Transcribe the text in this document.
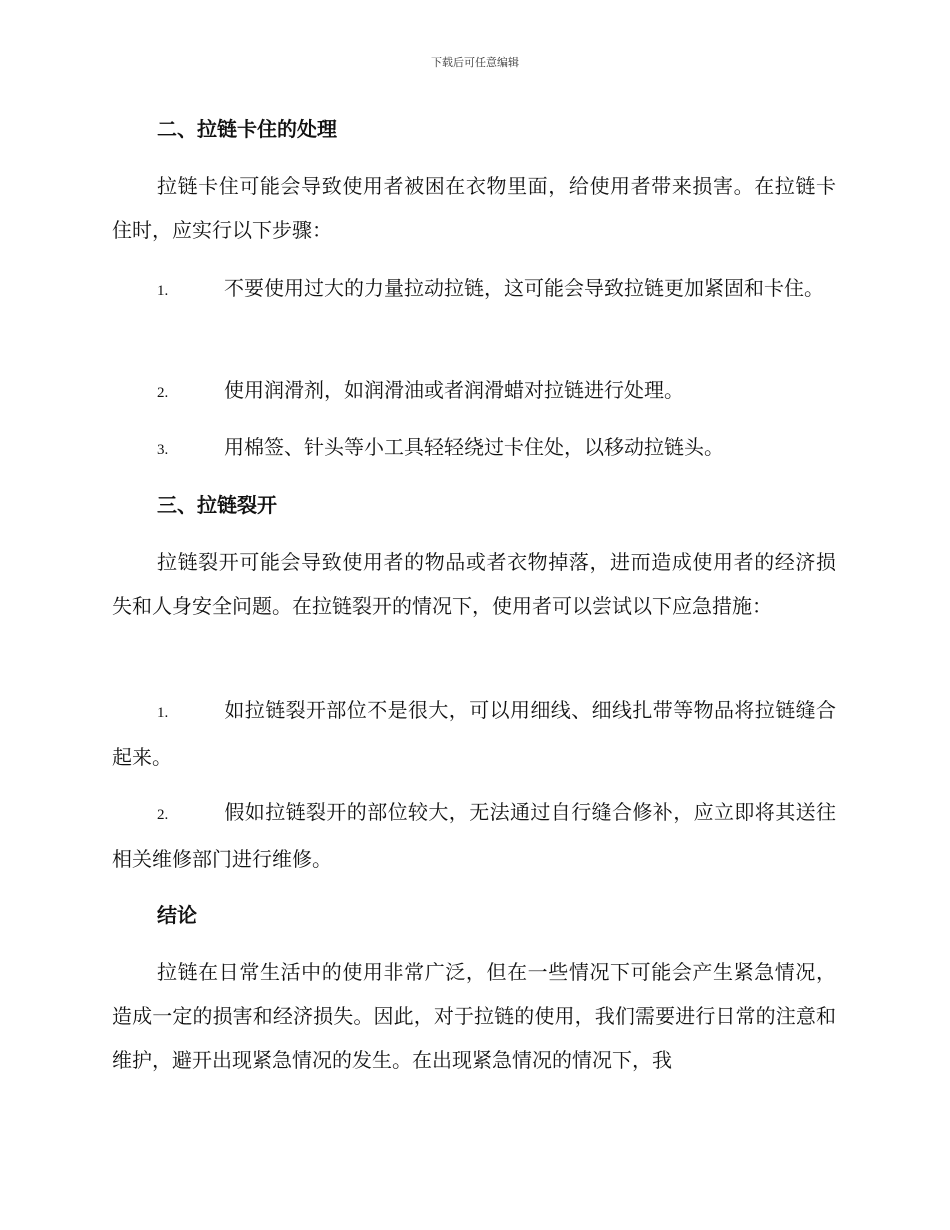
下载后可任意编辑
二、拉链卡住的处理
拉链卡住可能会导致使用者被困在衣物里面，给使用者带来损害。在拉链卡住时，应实行以下步骤：
1.	不要使用过大的力量拉动拉链，这可能会导致拉链更加紧固和卡住。
2.	使用润滑剂，如润滑油或者润滑蜡对拉链进行处理。
3.	用棉签、针头等小工具轻轻绕过卡住处，以移动拉链头。
三、拉链裂开
拉链裂开可能会导致使用者的物品或者衣物掉落，进而造成使用者的经济损失和人身安全问题。在拉链裂开的情况下，使用者可以尝试以下应急措施：
1.	如拉链裂开部位不是很大，可以用细线、细线扎带等物品将拉链缝合起来。
2.	假如拉链裂开的部位较大，无法通过自行缝合修补，应立即将其送往相关维修部门进行维修。
结论
拉链在日常生活中的使用非常广泛，但在一些情况下可能会产生紧急情况，造成一定的损害和经济损失。因此，对于拉链的使用，我们需要进行日常的注意和维护，避开出现紧急情况的发生。在出现紧急情况的情况下，我
